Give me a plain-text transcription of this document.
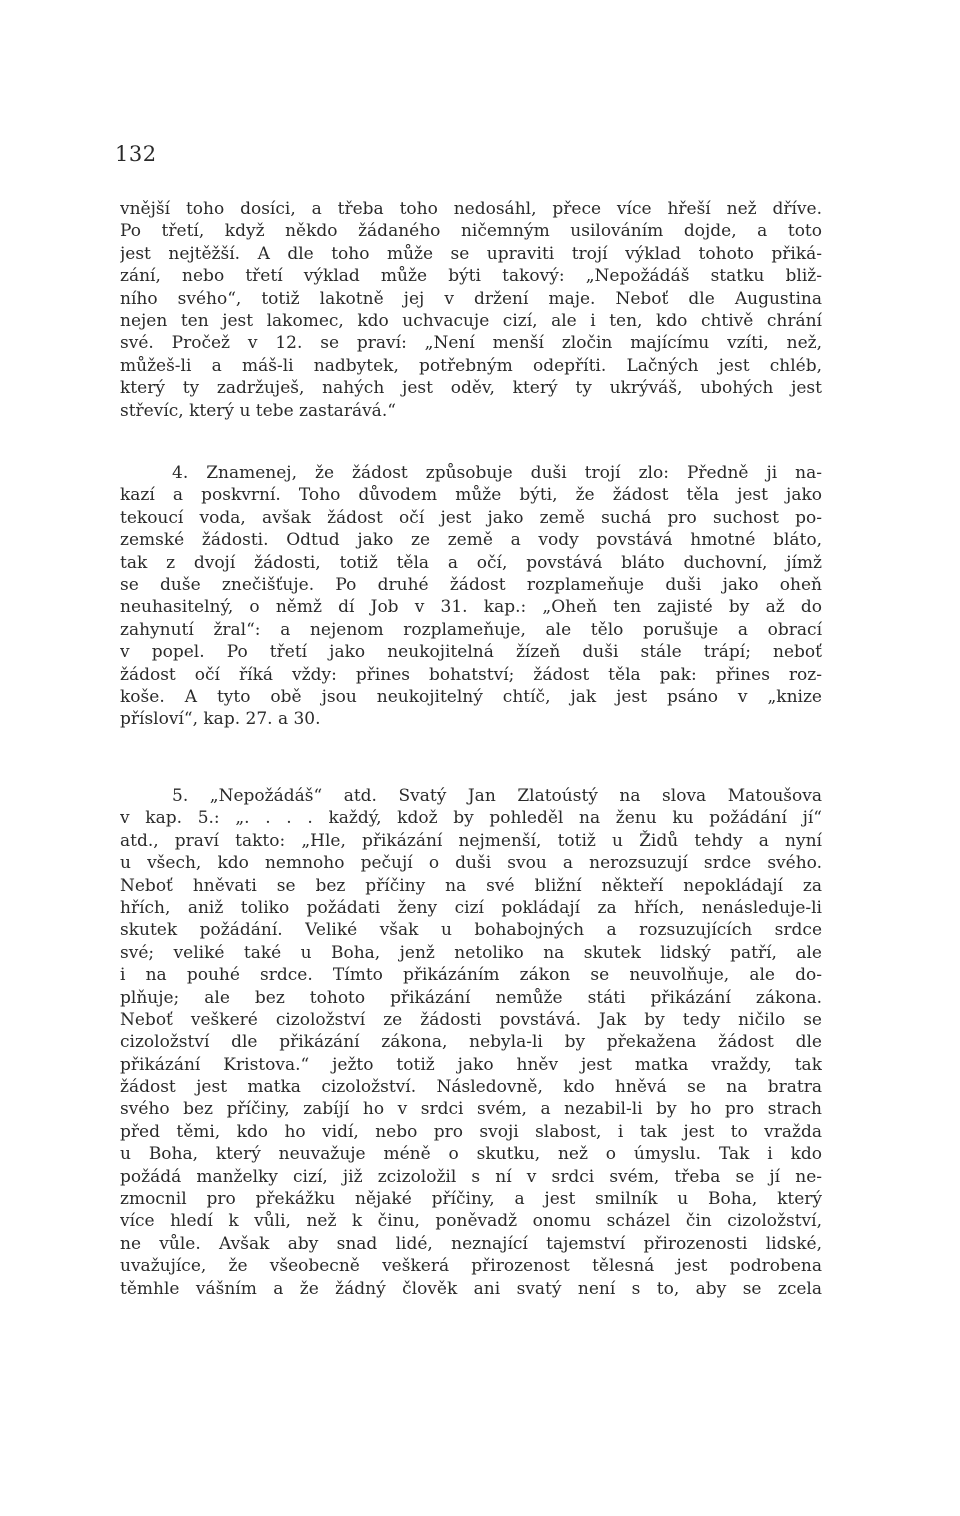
132
vnější toho dosíci, a třeba toho nedosáhl, přece více hřeší než dříve.
Po třetí, když někdo žádaného ničemným usilováním dojde, a toto
jest nejtěžší. A dle toho může se upraviti trojí výklad tohoto přiká-
zání, nebo třetí výklad může býti takový: „Nepožádáš statku bliž-
ního svého“, totiž lakotně jej v držení maje. Neboť dle Augustina
nejen ten jest lakomec, kdo uchvacuje cizí, ale i ten, kdo chtivě chrání
své. Pročež v 12. se praví: „Není menší zločin majícímu vzíti, než,
můžeš-li a máš-li nadbytek, potřebným odepříti. Lačných jest chléb,
který ty zadržuješ, nahých jest oděv, který ty ukrýváš, ubohých jest
střevíc, který u tebe zastarává.“
4. Znamenej, že žádost způsobuje duši trojí zlo: Předně ji na-
kazí a poskvrní. Toho důvodem může býti, že žádost těla jest jako
tekoucí voda, avšak žádost očí jest jako země suchá pro suchost po-
zemské žádosti. Odtud jako ze země a vody povstává hmotné bláto,
tak z dvojí žádosti, totiž těla a očí, povstává bláto duchovní, jímž
se duše znečišťuje. Po druhé žádost rozplameňuje duši jako oheň
neuhasitelný, o němž dí Job v 31. kap.: „Oheň ten zajisté by až do
zahynutí žral“: a nejenom rozplameňuje, ale tělo porušuje a obrací
v popel. Po třetí jako neukojitelná žízeň duši stále trápí; neboť
žádost očí říká vždy: přines bohatství; žádost těla pak: přines roz-
koše. A tyto obě jsou neukojitelný chtíč, jak jest psáno v „knize
přísloví“, kap. 27. a 30.
5. „Nepožádáš“ atd. Svatý Jan Zlatoústý na slova Matoušova
v kap. 5.: „. . . . každý, kdož by pohleděl na ženu ku požádání jí“
atd., praví takto: „Hle, přikázání nejmenší, totiž u Židů tehdy a nyní
u všech, kdo nemnoho pečují o duši svou a nerozsuzují srdce svého.
Neboť hněvati se bez příčiny na své bližní někteří nepokládají za
hřích, aniž toliko požádati ženy cizí pokládají za hřích, nenásleduje-li
skutek požádání. Veliké však u bohabojných a rozsuzujících srdce
své; veliké také u Boha, jenž netoliko na skutek lidský patří, ale
i na pouhé srdce. Tímto přikázáním zákon se neuvolňuje, ale do-
plňuje; ale bez tohoto přikázání nemůže státi přikázání zákona.
Neboť veškeré cizoložství ze žádosti povstává. Jak by tedy ničilo se
cizoložství dle přikázání zákona, nebyla-li by překažena žádost dle
přikázání Kristova.“ ježto totiž jako hněv jest matka vraždy, tak
žádost jest matka cizoložství. Následovně, kdo hněvá se na bratra
svého bez příčiny, zabíjí ho v srdci svém, a nezabil-li by ho pro strach
před těmi, kdo ho vidí, nebo pro svoji slabost, i tak jest to vražda
u Boha, který neuvažuje méně o skutku, než o úmyslu. Tak i kdo
požádá manželky cizí, již zcizoložil s ní v srdci svém, třeba se jí ne-
zmocnil pro překážku nějaké příčiny, a jest smilník u Boha, který
více hledí k vůli, než k činu, poněvadž onomu scházel čin cizoložství,
ne vůle. Avšak aby snad lidé, neznající tajemství přirozenosti lidské,
uvažujíce, že všeobecně veškerá přirozenost tělesná jest podrobena
těmhle vášním a že žádný člověk ani svatý není s to, aby se zcela
